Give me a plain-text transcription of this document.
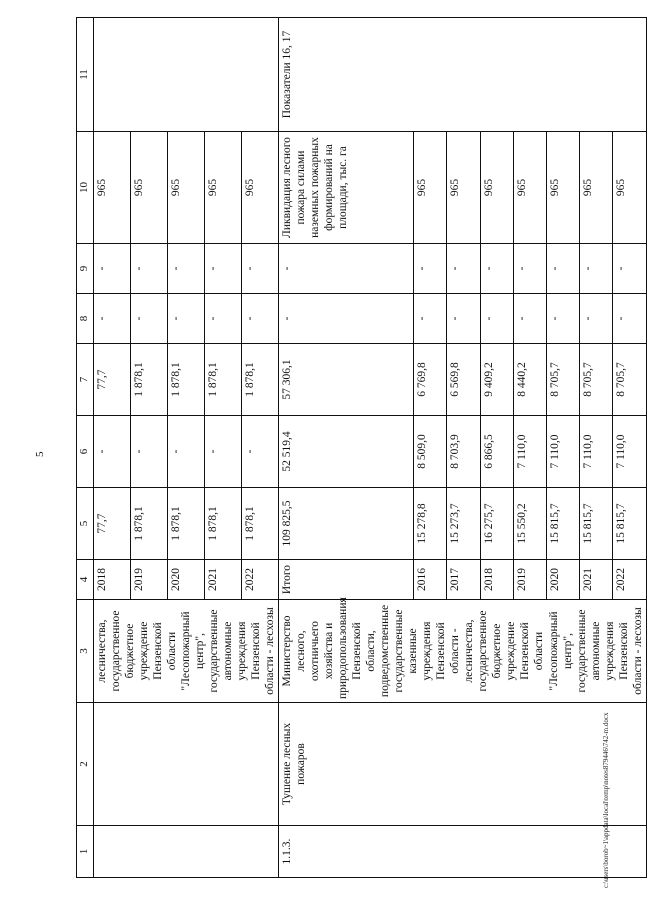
5
1	2	3	4	5	6	7	8	9	10	11
		лесничества, государственное бюджетное учреждение Пензенской области "Лесопожарный центр", государственные автономные учреждения Пензенской области - лесхозы	2018	77,7	-	77,7	-	-	965	
			2019	1 878,1	-	1 878,1	-	-	965	
			2020	1 878,1	-	1 878,1	-	-	965	
			2021	1 878,1	-	1 878,1	-	-	965	
			2022	1 878,1	-	1 878,1	-	-	965	
1.1.3.	Тушение лесных пожаров	Министерство лесного, охотничьего хозяйства и природопользования Пензенской области, подведомственные государственные казенные учреждения Пензенской области - лесничества, государственное бюджетное учреждение Пензенской области "Лесопожарный центр", государственные автономные учреждения Пензенской области - лесхозы	Итого	109 825,5	52 519,4	57 306,1	-	-	Ликвидация лесного пожара силами наземных пожарных формирований на площади, тыс. га	Показатели 16, 17
			2016	15 278,8	8 509,0	6 769,8	-	-	965	
			2017	15 273,7	8 703,9	6 569,8	-	-	965	
			2018	16 275,7	6 866,5	9 409,2	-	-	965	
			2019	15 550,2	7 110,0	8 440,2	-	-	965	
			2020	15 815,7	7 110,0	8 705,7	-	-	965	
			2021	15 815,7	7 110,0	8 705,7	-	-	965	
			2022	15 815,7	7 110,0	8 705,7	-	-	965	
c:\users\borob~1\appdata\local\temp\notes879446\742-m.docx
